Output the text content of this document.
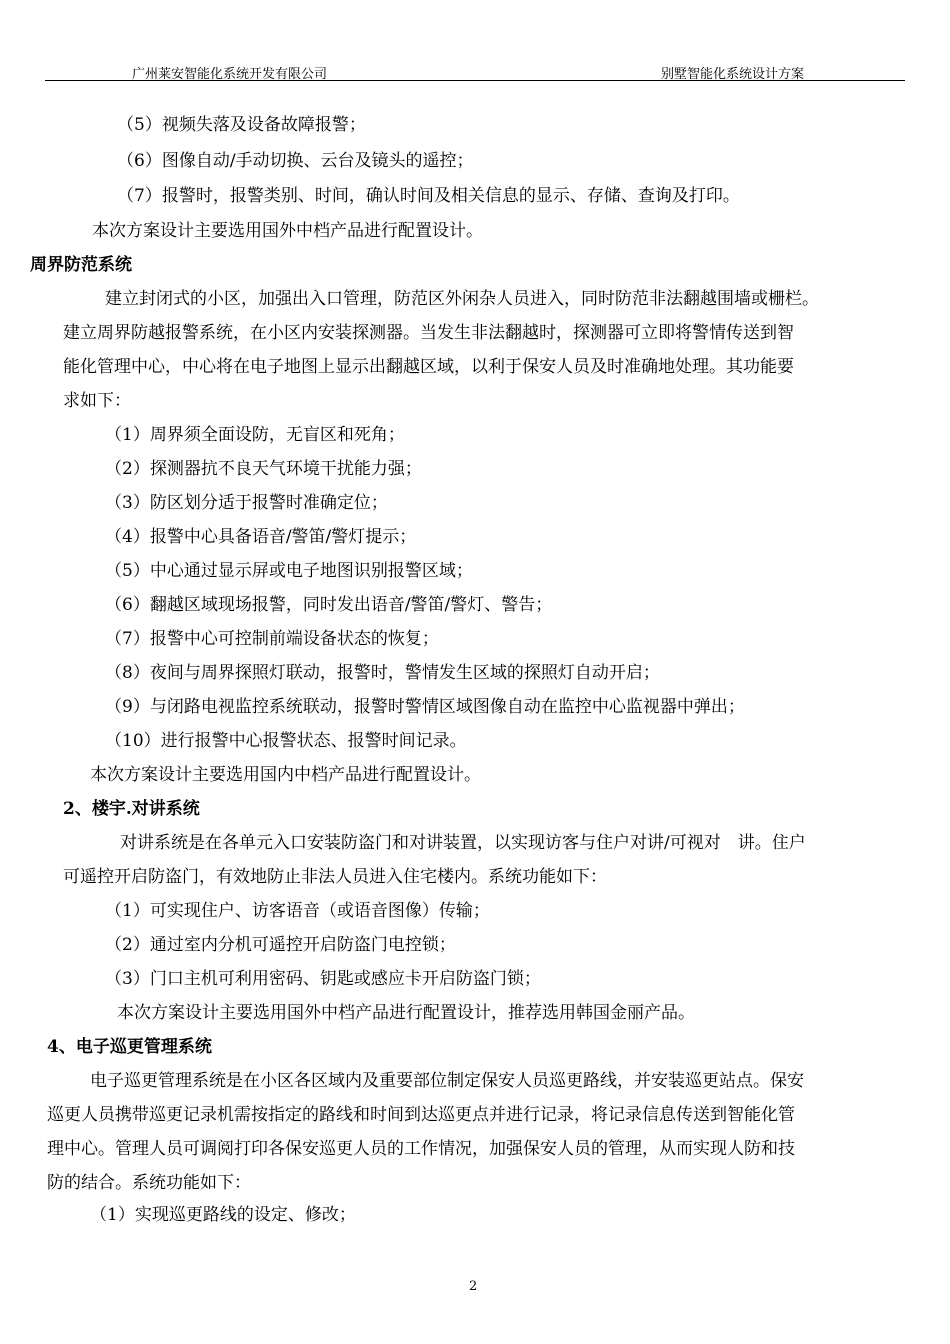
广州莱安智能化系统开发有限公司	别墅智能化系统设计方案
（5）视频失落及设备故障报警；
（6）图像自动/手动切换、云台及镜头的遥控；
（7）报警时，报警类别、时间，确认时间及相关信息的显示、存储、查询及打印。
本次方案设计主要选用国外中档产品进行配置设计。
周界防范系统
建立封闭式的小区，加强出入口管理，防范区外闲杂人员进入，同时防范非法翻越围墙或栅栏。
建立周界防越报警系统，在小区内安装探测器。当发生非法翻越时，探测器可立即将警情传送到智
能化管理中心，中心将在电子地图上显示出翻越区域，以利于保安人员及时准确地处理。其功能要
求如下：
（1）周界须全面设防，无盲区和死角；
（2）探测器抗不良天气环境干扰能力强；
（3）防区划分适于报警时准确定位；
（4）报警中心具备语音/警笛/警灯提示；
（5）中心通过显示屏或电子地图识别报警区域；
（6）翻越区域现场报警，同时发出语音/警笛/警灯、警告；
（7）报警中心可控制前端设备状态的恢复；
（8）夜间与周界探照灯联动，报警时，警情发生区域的探照灯自动开启；
（9）与闭路电视监控系统联动，报警时警情区域图像自动在监控中心监视器中弹出；
（10）进行报警中心报警状态、报警时间记录。
本次方案设计主要选用国内中档产品进行配置设计。
2、楼宇.对讲系统
对讲系统是在各单元入口安装防盗门和对讲装置，以实现访客与住户对讲/可视对　讲。住户
可遥控开启防盗门，有效地防止非法人员进入住宅楼内。系统功能如下：
（1）可实现住户、访客语音（或语音图像）传输；
（2）通过室内分机可遥控开启防盗门电控锁；
（3）门口主机可利用密码、钥匙或感应卡开启防盗门锁；
本次方案设计主要选用国外中档产品进行配置设计，推荐选用韩国金丽产品。
4、电子巡更管理系统
电子巡更管理系统是在小区各区域内及重要部位制定保安人员巡更路线，并安装巡更站点。保安
巡更人员携带巡更记录机需按指定的路线和时间到达巡更点并进行记录，将记录信息传送到智能化管
理中心。管理人员可调阅打印各保安巡更人员的工作情况，加强保安人员的管理，从而实现人防和技
防的结合。系统功能如下：
（1）实现巡更路线的设定、修改；
2
